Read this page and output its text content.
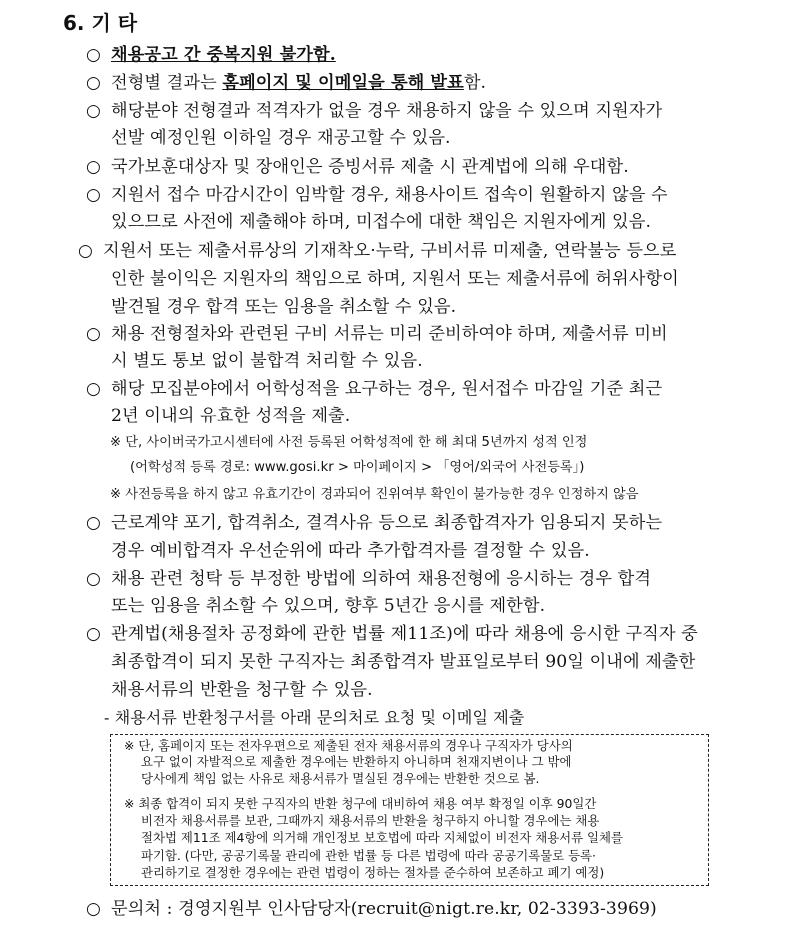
6. 기 타
○ 채용공고 간 중복지원 불가함.
○ 전형별 결과는 홈페이지 및 이메일을 통해 발표함.
○ 해당분야 전형결과 적격자가 없을 경우 채용하지 않을 수 있으며 지원자가
선발 예정인원 이하일 경우 재공고할 수 있음.
○ 국가보훈대상자 및 장애인은 증빙서류 제출 시 관계법에 의해 우대함.
○ 지원서 접수 마감시간이 임박할 경우, 채용사이트 접속이 원활하지 않을 수
있으므로 사전에 제출해야 하며, 미접수에 대한 책임은 지원자에게 있음.
○ 지원서 또는 제출서류상의 기재착오·누락, 구비서류 미제출, 연락불능 등으로
인한 불이익은 지원자의 책임으로 하며, 지원서 또는 제출서류에 허위사항이
발견될 경우 합격 또는 임용을 취소할 수 있음.
○ 채용 전형절차와 관련된 구비 서류는 미리 준비하여야 하며, 제출서류 미비
시 별도 통보 없이 불합격 처리할 수 있음.
○ 해당 모집분야에서 어학성적을 요구하는 경우, 원서접수 마감일 기준 최근
2년 이내의 유효한 성적을 제출.
※ 단, 사이버국가고시센터에 사전 등록된 어학성적에 한 해 최대 5년까지 성적 인정
(어학성적 등록 경로: www.gosi.kr > 마이페이지 > 「영어/외국어 사전등록」)
※ 사전등록을 하지 않고 유효기간이 경과되어 진위여부 확인이 불가능한 경우 인정하지 않음
○ 근로계약 포기, 합격취소, 결격사유 등으로 최종합격자가 임용되지 못하는
경우 예비합격자 우선순위에 따라 추가합격자를 결정할 수 있음.
○ 채용 관련 청탁 등 부정한 방법에 의하여 채용전형에 응시하는 경우 합격
또는 임용을 취소할 수 있으며, 향후 5년간 응시를 제한함.
○ 관계법(채용절차 공정화에 관한 법률 제11조)에 따라 채용에 응시한 구직자 중
최종합격이 되지 못한 구직자는 최종합격자 발표일로부터 90일 이내에 제출한
채용서류의 반환을 청구할 수 있음.
- 채용서류 반환청구서를 아래 문의처로 요청 및 이메일 제출
※ 단, 홈페이지 또는 전자우편으로 제출된 전자 채용서류의 경우나 구직자가 당사의
요구 없이 자발적으로 제출한 경우에는 반환하지 아니하며 천재지변이나 그 밖에
당사에게 책임 없는 사유로 채용서류가 멸실된 경우에는 반환한 것으로 봄.
※ 최종 합격이 되지 못한 구직자의 반환 청구에 대비하여 채용 여부 확정일 이후 90일간
비전자 채용서류를 보관, 그때까지 채용서류의 반환을 청구하지 아니할 경우에는 채용
절차법 제11조 제4항에 의거해 개인정보 보호법에 따라 지체없이 비전자 채용서류 일체를
파기함. (다만, 공공기록물 관리에 관한 법률 등 다른 법령에 따라 공공기록물로 등록·
관리하기로 결정한 경우에는 관련 법령이 정하는 절차를 준수하여 보존하고 폐기 예정)
○ 문의처 : 경영지원부 인사담당자(recruit@nigt.re.kr, 02-3393-3969)
